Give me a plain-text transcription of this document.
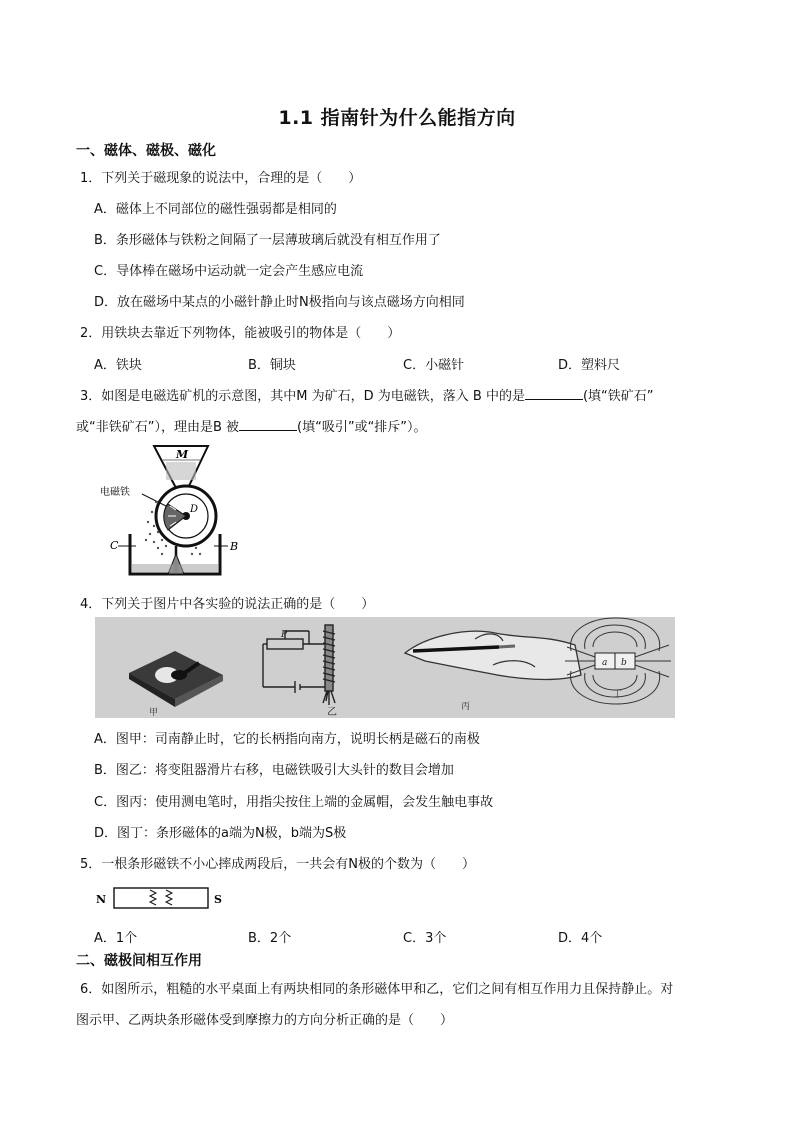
1.1 指南针为什么能指方向
一、磁体、磁极、磁化
1．下列关于磁现象的说法中，合理的是（　　）
A．磁体上不同部位的磁性强弱都是相同的
B．条形磁体与铁粉之间隔了一层薄玻璃后就没有相互作用了
C．导体棒在磁场中运动就一定会产生感应电流
D．放在磁场中某点的小磁针静止时N极指向与该点磁场方向相同
2．用铁块去靠近下列物体，能被吸引的物体是（　　）
A．铁块	B．铜块	C．小磁针	D．塑料尺
3．如图是电磁选矿机的示意图，其中M 为矿石，D 为电磁铁，落入 B 中的是	(填“铁矿石”
或“非铁矿石”），理由是B 被	(填“吸引”或“排斥”）。
M
D
电磁铁
C	B
4．下列关于图片中各实验的说法正确的是（　　）
甲
P
乙	丙
a b
丁
A．图甲：司南静止时，它的长柄指向南方，说明长柄是磁石的南极
B．图乙：将变阻器滑片右移，电磁铁吸引大头针的数目会增加
C．图丙：使用测电笔时，用指尖按住上端的金属帽，会发生触电事故
D．图丁：条形磁体的a端为N极，b端为S极
5．一根条形磁铁不小心摔成两段后，一共会有N极的个数为（　　）
N	S
A．1个	B．2个	C．3个	D．4个
二、磁极间相互作用
6．如图所示，粗糙的水平桌面上有两块相同的条形磁体甲和乙，它们之间有相互作用力且保持静止。对
图示甲、乙两块条形磁体受到摩擦力的方向分析正确的是（　　）
